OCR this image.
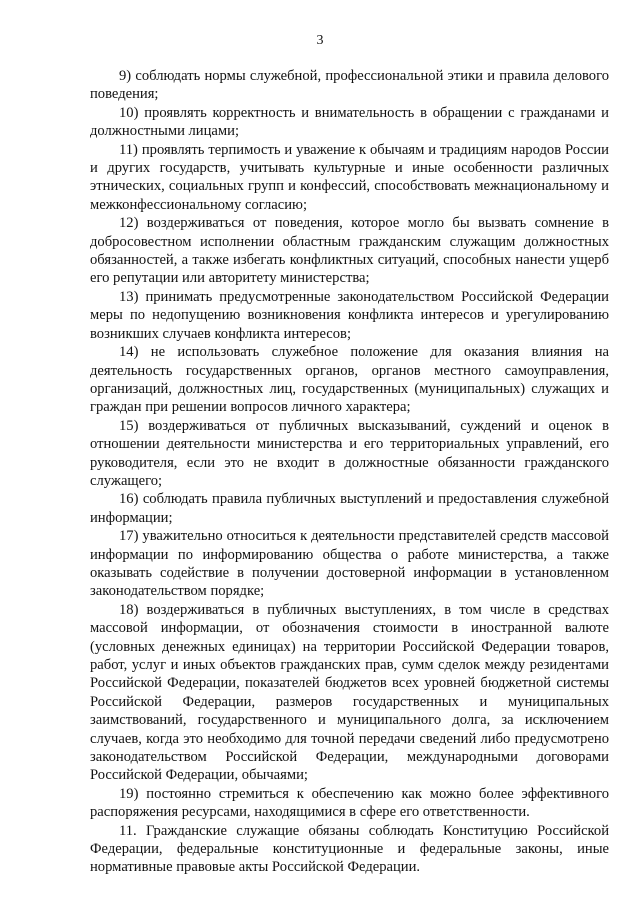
3

9) соблюдать нормы служебной, профессиональной этики и правила делового поведения;

10) проявлять корректность и внимательность в обращении с гражданами и должностными лицами;

11) проявлять терпимость и уважение к обычаям и традициям народов России и других государств, учитывать культурные и иные особенности различных этнических, социальных групп и конфессий, способствовать межнациональному и межконфессиональному согласию;

12) воздерживаться от поведения, которое могло бы вызвать сомнение в добросовестном исполнении областным гражданским служащим должностных обязанностей, а также избегать конфликтных ситуаций, способных нанести ущерб его репутации или авторитету министерства;

13) принимать предусмотренные законодательством Российской Федерации меры по недопущению возникновения конфликта интересов и урегулированию возникших случаев конфликта интересов;

14) не использовать служебное положение для оказания влияния на деятельность государственных органов, органов местного самоуправления, организаций, должностных лиц, государственных (муниципальных) служащих и граждан при решении вопросов личного характера;

15) воздерживаться от публичных высказываний, суждений и оценок в отношении деятельности министерства и его территориальных управлений, его руководителя, если это не входит в должностные обязанности гражданского служащего;

16) соблюдать правила публичных выступлений и предоставления служебной информации;

17) уважительно относиться к деятельности представителей средств массовой информации по информированию общества о работе министерства, а также оказывать содействие в получении достоверной информации в установленном законодательством порядке;

18) воздерживаться в публичных выступлениях, в том числе в средствах массовой информации, от обозначения стоимости в иностранной валюте (условных денежных единицах) на территории Российской Федерации товаров, работ, услуг и иных объектов гражданских прав, сумм сделок между резидентами Российской Федерации, показателей бюджетов всех уровней бюджетной системы Российской Федерации, размеров государственных и муниципальных заимствований, государственного и муниципального долга, за исключением случаев, когда это необходимо для точной передачи сведений либо предусмотрено законодательством Российской Федерации, международными договорами Российской Федерации, обычаями;

19) постоянно стремиться к обеспечению как можно более эффективного распоряжения ресурсами, находящимися в сфере его ответственности.

11. Гражданские служащие обязаны соблюдать Конституцию Российской Федерации, федеральные конституционные и федеральные законы, иные нормативные правовые акты Российской Федерации.
